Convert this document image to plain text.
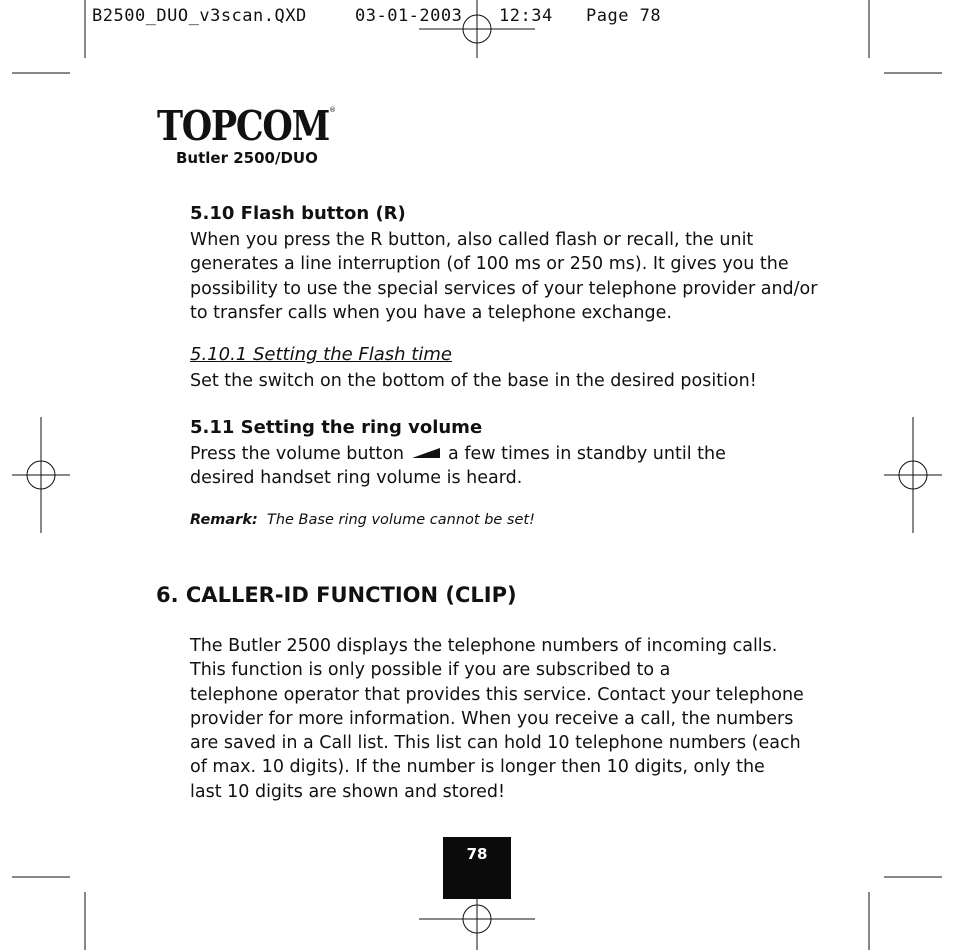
B2500_DUO_v3scan.QXD	03-01-2003 12:34 Page 78
TOPCOM ®
Butler 2500/DUO
5.10 Flash button (R)
When you press the R button, also called flash or recall, the unit
generates a line interruption (of 100 ms or 250 ms). It gives you the
possibility to use the special services of your telephone provider and/or
to transfer calls when you have a telephone exchange.
5.10.1 Setting the Flash time
Set the switch on the bottom of the base in the desired position!
5.11 Setting the ring volume
Press the volume button	a few times in standby until the
desired handset ring volume is heard.
Remark: The Base ring volume cannot be set!
6. CALLER-ID FUNCTION (CLIP)
The Butler 2500 displays the telephone numbers of incoming calls.
This function is only possible if you are subscribed to a
telephone operator that provides this service. Contact your telephone
provider for more information. When you receive a call, the numbers
are saved in a Call list. This list can hold 10 telephone numbers (each
of max. 10 digits). If the number is longer then 10 digits, only the
last 10 digits are shown and stored!
78
